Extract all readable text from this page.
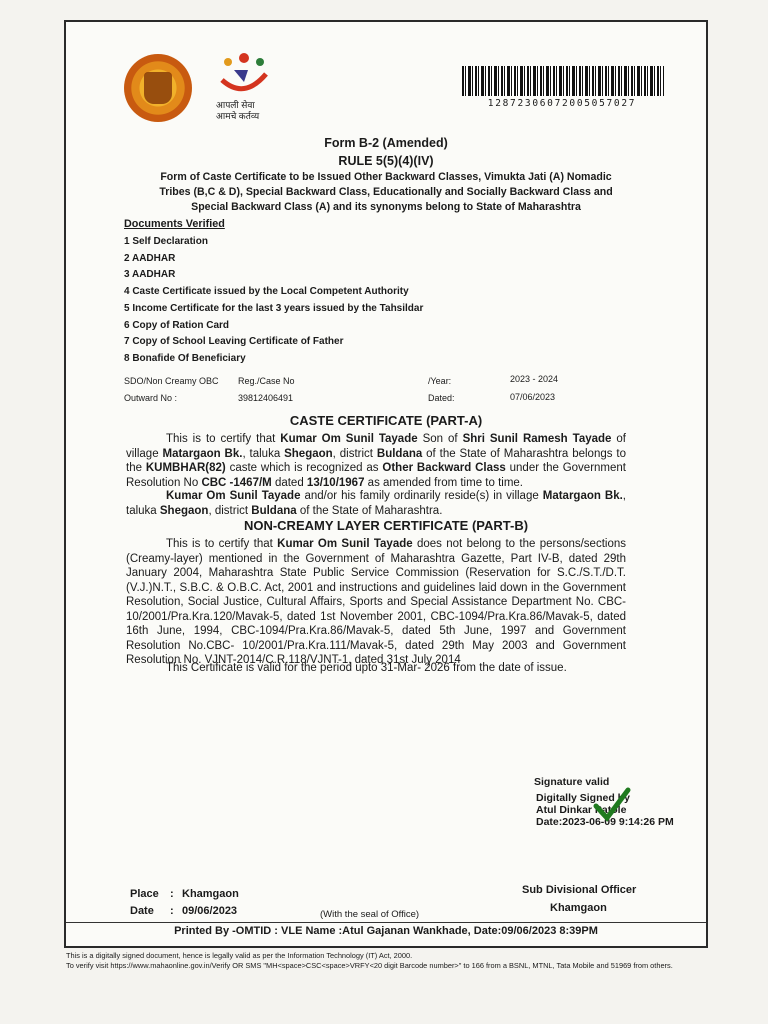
आपली सेवा
आमचे कर्तव्य
12872306072005057027
Form B-2 (Amended)
RULE 5(5)(4)(IV)
Form of Caste Certificate to be Issued Other Backward Classes, Vimukta Jati (A) Nomadic
Tribes (B,C & D), Special Backward Class, Educationally and Socially Backward Class and
Special Backward Class (A) and its synonyms belong to State of Maharashtra
Documents Verified
1 Self Declaration
2 AADHAR
3 AADHAR
4 Caste Certificate issued by the Local Competent Authority
5 Income Certificate for the last 3 years issued by the Tahsildar
6 Copy of Ration Card
7 Copy of School Leaving Certificate of Father
8 Bonafide Of Beneficiary
SDO/Non Creamy OBC Reg./Case No	/Year:	2023 - 2024
Outward No :	39812406491	Dated:	07/06/2023
CASTE CERTIFICATE (PART-A)
This is to certify that Kumar Om Sunil Tayade Son of Shri Sunil Ramesh Tayade of village Matargaon Bk., taluka Shegaon, district Buldana of the State of Maharashtra belongs to the KUMBHAR(82) caste which is recognized as Other Backward Class under the Government Resolution No CBC -1467/M dated 13/10/1967 as amended from time to time.
Kumar Om Sunil Tayade and/or his family ordinarily reside(s) in village Matargaon Bk., taluka Shegaon, district Buldana of the State of Maharashtra.
NON-CREAMY LAYER CERTIFICATE (PART-B)
This is to certify that Kumar Om Sunil Tayade does not belong to the persons/sections (Creamy-layer) mentioned in the Government of Maharashtra Gazette, Part IV-B, dated 29th January 2004, Maharashtra State Public Service Commission (Reservation for S.C./S.T./D.T.(V.J.)N.T., S.B.C. & O.B.C. Act, 2001 and instructions and guidelines laid down in the Government Resolution, Social Justice, Cultural Affairs, Sports and Special Assistance Department No. CBC-10/2001/Pra.Kra.120/Mavak-5, dated 1st November 2001, CBC-1094/Pra.Kra.86/Mavak-5, dated 16th June, 1994, CBC-1094/Pra.Kra.86/Mavak-5, dated 5th June, 1997 and Government Resolution No.CBC- 10/2001/Pra.Kra.111/Mavak-5, dated 29th May 2003 and Government Resolution No. VJNT-2014/C.R.118/VJNT-1, dated 31st July 2014
This Certificate is valid for the period upto 31-Mar- 2026 from the date of issue.
Signature valid
Digitally Signed by
Atul Dinkar Patole
Date:2023-06-09 9:14:26 PM
Place : Khamgaon
Date : 09/06/2023	(With the seal of Office)
Sub Divisional Officer
Khamgaon
Printed By -OMTID : VLE Name :Atul Gajanan Wankhade, Date:09/06/2023 8:39PM
This is a digitally signed document, hence is legally valid as per the Information Technology (IT) Act, 2000.
To verify visit https://www.mahaonline.gov.in/Verify OR SMS "MH<space>CSC<space>VRFY<20 digit Barcode number>" to 166 from a BSNL, MTNL, Tata Mobile and 51969 from others.
